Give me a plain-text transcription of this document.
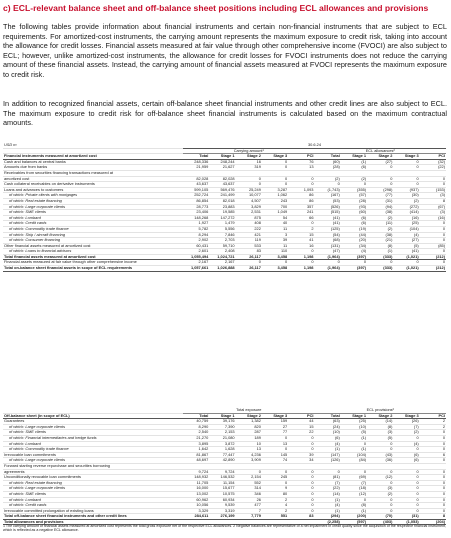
c) ECL-relevant balance sheet and off-balance sheet positions including ECL allowances and provisions
The following tables provide information about financial instruments and certain non-financial instruments that are subject to ECL requirements. For amortized-cost instruments, the carrying amount represents the maximum exposure to credit risk, taking into account the allowance for credit losses. Financial assets measured at fair value through other comprehensive income (FVOCI) are also subject to ECL; however, unlike amortized-cost instruments, the allowance for credit losses for FVOCI instruments does not reduce the carrying amount of these financial assets. Instead, the carrying amount of financial assets measured at FVOCI represents the maximum exposure to credit risk.
In addition to recognized financial assets, certain off-balance sheet financial instruments and other credit lines are also subject to ECL. The maximum exposure to credit risk for off-balance sheet financial instruments is calculated based on the maximum contractual amounts.
USD m	30.6.24									
	Carrying amount¹					ECL allowances²				
Financial instruments measured at amortized cost	Total	Stage 1	Stage 2	Stage 3	PCI	Total	Stage 1	Stage 2	Stage 3	PCI
Cash and balances at central banks	248,336	248,244	16	0	76	(60)	(1)	(27)	0	(32)
Amounts due from banks	21,959	21,627	319	0	13	(28)	(6)	0	0	(22)
Receivables from securities financing transactions measured at										
amortized cost	82,028	82,028	0	0	0	(2)	(2)	0	0	0
Cash collateral receivables on derivative instruments	43,637	43,637	0	0	0	0	0	0	0	0
Loans and advances to customers	599,105	569,476	25,249	3,287	1,093	(1,743)	(355)	(298)	(937)	(153)
of which: Private clients with mortgages	252,724	241,499	10,077	1,062	86	(167)	(57)	(77)	(30)	(3)
of which: Real estate financing	86,854	82,018	4,507	243	86	(53)	(28)	(31)	(2)	8
of which: Large corporate clients	28,773	23,883	3,829	700	357	(526)	(93)	(94)	(272)	(67)
of which: SME clients	23,406	19,585	2,531	1,049	241	(515)	(60)	(38)	(414)	(3)
of which: Lombard	148,268	147,272	875	54	66	(41)	(6)	(2)	(16)	(16)
of which: Credit cards	1,927	1,479	408	40	0	(41)	(6)	(11)	(25)	0
of which: Commodity trade finance	5,782	5,556	222	11	2	(125)	(19)	(2)	(104)	0
of which: Ship / aircraft financing	8,294	7,846	421	3	15	(54)	(44)	(38)	(4)	0
of which: Consumer financing	2,902	2,703	119	39	41	(68)	(20)	(21)	(27)	0
Other financial assets measured at amortized cost	60,431	59,710	533	11	16	(131)	(34)	(8)	(5)	(85)
of which: Loans to financial advisors	2,601	2,408	83	110	0	(47)	(4)	(1)	(41)	0
Total financial assets measured at amortized cost	1,055,494	1,024,721	26,117	3,458	1,198	(1,964)	(397)	(333)	(1,021)	(212)
Financial assets measured at fair value through other comprehensive income	2,167	2,167	0	0	0	0	0	0	0	0
Total on-balance sheet financial assets in scope of ECL requirements	1,057,661	1,026,888	26,117	3,458	1,198	(1,964)	(397)	(333)	(1,021)	(212)
	Total exposure					ECL provisions²				
Off-balance sheet (in scope of ECL)	Total	Stage 1	Stage 2	Stage 3	PCI	Total	Stage 1	Stage 2	Stage 3	PCI
Guarantees	40,759	39,176	1,382	159	44	(63)	(25)	(14)	(26)	2
of which: Large corporate clients	8,290	7,390	820	27	15	(24)	(10)	(8)	(7)	2
of which: SME clients	2,540	2,153	287	77	22	(10)	(5)	(3)	(2)	0
of which: Financial intermediaries and hedge funds	21,270	21,080	189	0	0	(6)	(1)	(5)	0	0
of which: Lombard	3,895	3,872	10	13	0	(4)	0	0	(4)	0
of which: Commodity trade finance	1,642	1,628	13	0	0	(1)	(1)	0	0	0
Irrevocable loan commitments	81,867	77,447	4,236	145	39	(147)	(104)	(43)	(6)	6
of which: Large corporate clients	48,697	42,890	3,909	74	34	(126)	(84)	(36)	(6)	0
Forward starting reverse repurchase and securities borrowing										
agreements	9,724	9,724	0	0	0	0	0	0	0	0
Unconditionally revocable loan commitments	148,932	146,532	2,154	245	0	(81)	(69)	(12)	0	0
of which: Real estate financing	11,705	11,154	552	0	0	(7)	(7)	0	0	0
of which: Large corporate clients	16,000	15,677	314	9	0	(22)	(18)	(3)	0	0
of which: SME clients	13,002	10,575	346	80	0	(14)	(12)	(2)	0	0
of which: Lombard	60,962	60,934	26	2	0	(1)	0	0	0	0
of which: Credit cards	10,056	9,539	477	4	0	(4)	(8)	0	0	0
Irrevocable committed prolongation of existing loans	3,329	3,319	7	2	0	(1)	(1)	0	0	0
Total off-balance sheet financial instruments and other credit lines	284,611	276,199	7,779	551	83	(294)	(200)	(70)	(31)	8
Total allowances and provisions						(2,258)	(597)	(403)	(1,053)	(204)
1 The carrying amount of financial assets measured at amortized cost represents the total gross exposure net of the respective ECL allowances. 2 Negative balances are representative of a net impairment in credit quality since the acquisition of the respective financial instrument, which is reflected as a negative ECL allowance.
